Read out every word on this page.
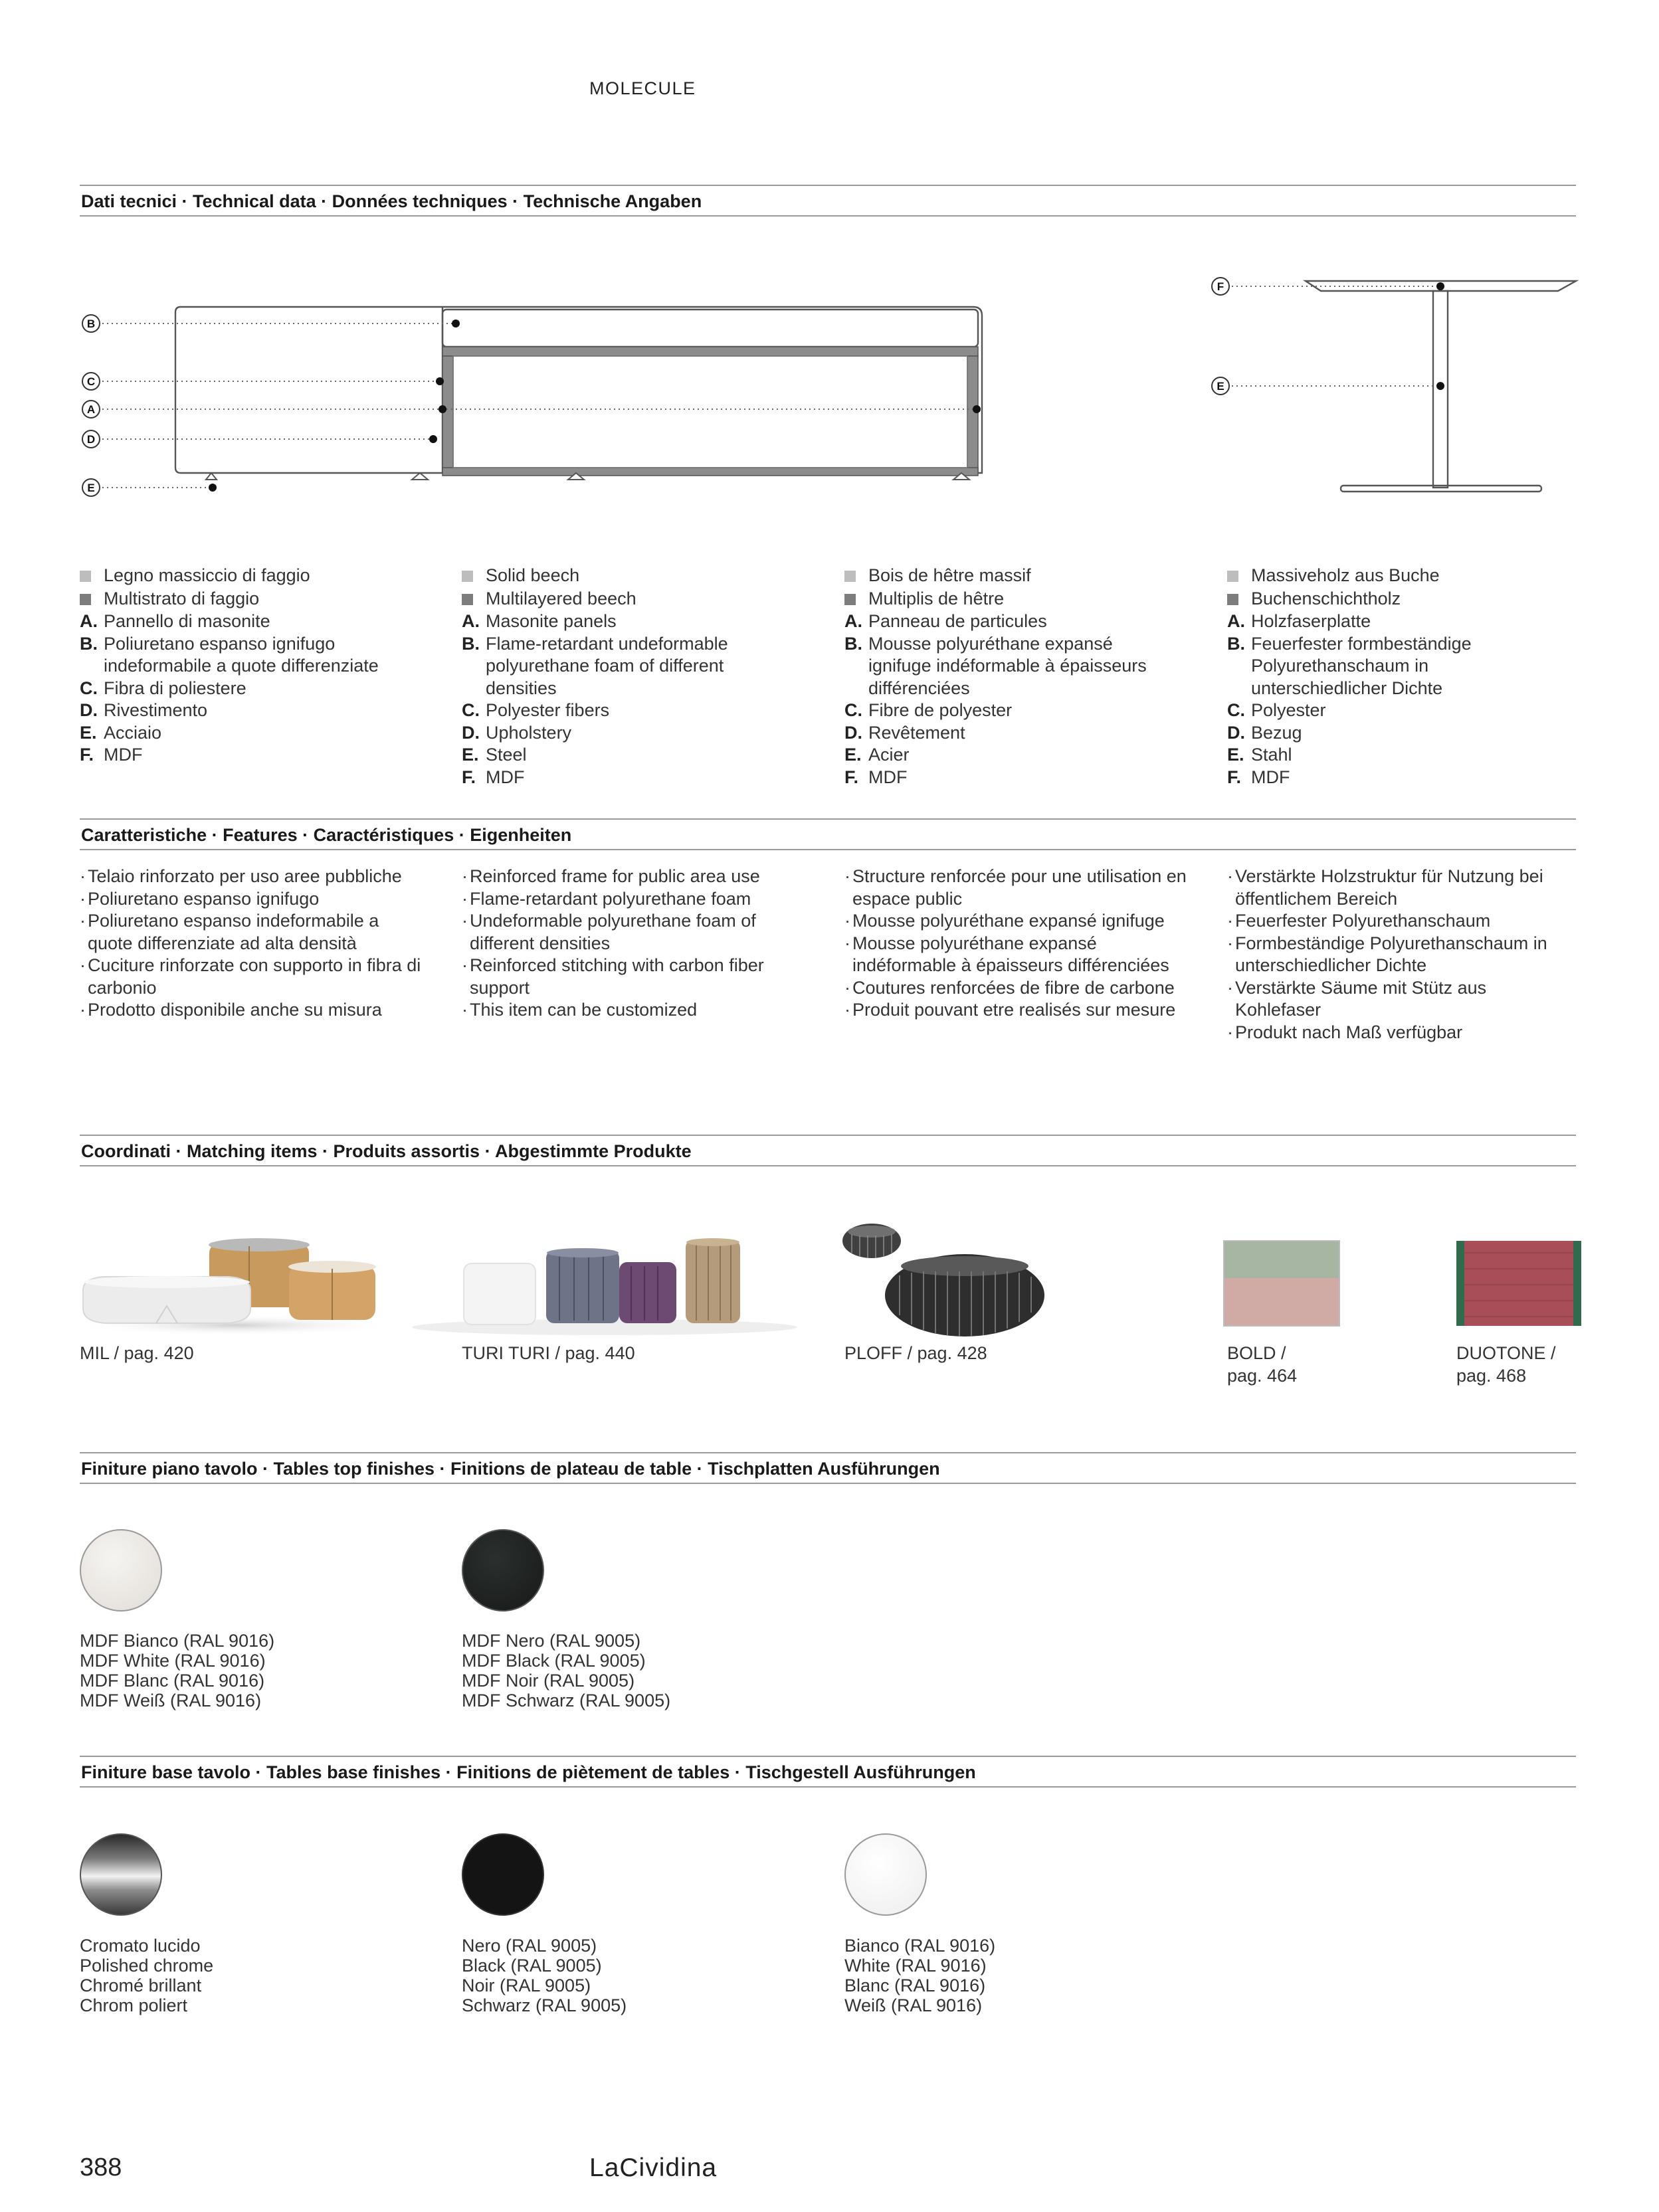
MOLECULE
Dati tecnici · Technical data · Données techniques · Technische Angaben
B
C
A
D
E
F
E
Legno massiccio di faggio
Multistrato di faggio
A. Pannello di masonite
B. Poliuretano espanso ignifugo indeformabile a quote differenziate
C. Fibra di poliestere
D. Rivestimento
E. Acciaio
F. MDF
Solid beech
Multilayered beech
A. Masonite panels
B. Flame-retardant undeformable polyurethane foam of different densities
C. Polyester fibers
D. Upholstery
E. Steel
F. MDF
Bois de hêtre massif
Multiplis de hêtre
A. Panneau de particules
B. Mousse polyuréthane expansé ignifuge indéformable à épaisseurs différenciées
C. Fibre de polyester
D. Revêtement
E. Acier
F. MDF
Massiveholz aus Buche
Buchenschichtholz
A. Holzfaserplatte
B. Feuerfester formbeständige Polyurethanschaum in unterschiedlicher Dichte
C. Polyester
D. Bezug
E. Stahl
F. MDF
Caratteristiche · Features · Caractéristiques · Eigenheiten
· Telaio rinforzato per uso aree pubbliche
· Poliuretano espanso ignifugo
· Poliuretano espanso indeformabile a quote differenziate ad alta densità
· Cuciture rinforzate con supporto in fibra di carbonio
· Prodotto disponibile anche su misura
· Reinforced frame for public area use
· Flame-retardant polyurethane foam
· Undeformable polyurethane foam of different densities
· Reinforced stitching with carbon fiber support
· This item can be customized
· Structure renforcée pour une utilisation en espace public
· Mousse polyuréthane expansé ignifuge
· Mousse polyuréthane expansé indéformable à épaisseurs différenciées
· Coutures renforcées de fibre de carbone
· Produit pouvant etre realisés sur mesure
· Verstärkte Holzstruktur für Nutzung bei öffentlichem Bereich
· Feuerfester Polyurethanschaum
· Formbeständige Polyurethanschaum in unterschiedlicher Dichte
· Verstärkte Säume mit Stütz aus Kohlefaser
· Produkt nach Maß verfügbar
Coordinati · Matching items · Produits assortis · Abgestimmte Produkte
MIL / pag. 420	TURI TURI / pag. 440	PLOFF / pag. 428	BOLD /
pag. 464
DUOTONE /
pag. 468
Finiture piano tavolo · Tables top finishes · Finitions de plateau de table · Tischplatten Ausführungen
MDF Bianco (RAL 9016)
MDF White (RAL 9016)
MDF Blanc (RAL 9016)
MDF Weiß (RAL 9016)
MDF Nero (RAL 9005)
MDF Black (RAL 9005)
MDF Noir (RAL 9005)
MDF Schwarz (RAL 9005)
Finiture base tavolo · Tables base finishes · Finitions de piètement de tables · Tischgestell Ausführungen
Cromato lucido
Polished chrome
Chromé brillant
Chrom poliert
Nero (RAL 9005)
Black (RAL 9005)
Noir (RAL 9005)
Schwarz (RAL 9005)
Bianco (RAL 9016)
White (RAL 9016)
Blanc (RAL 9016)
Weiß (RAL 9016)
388	LaCividina
